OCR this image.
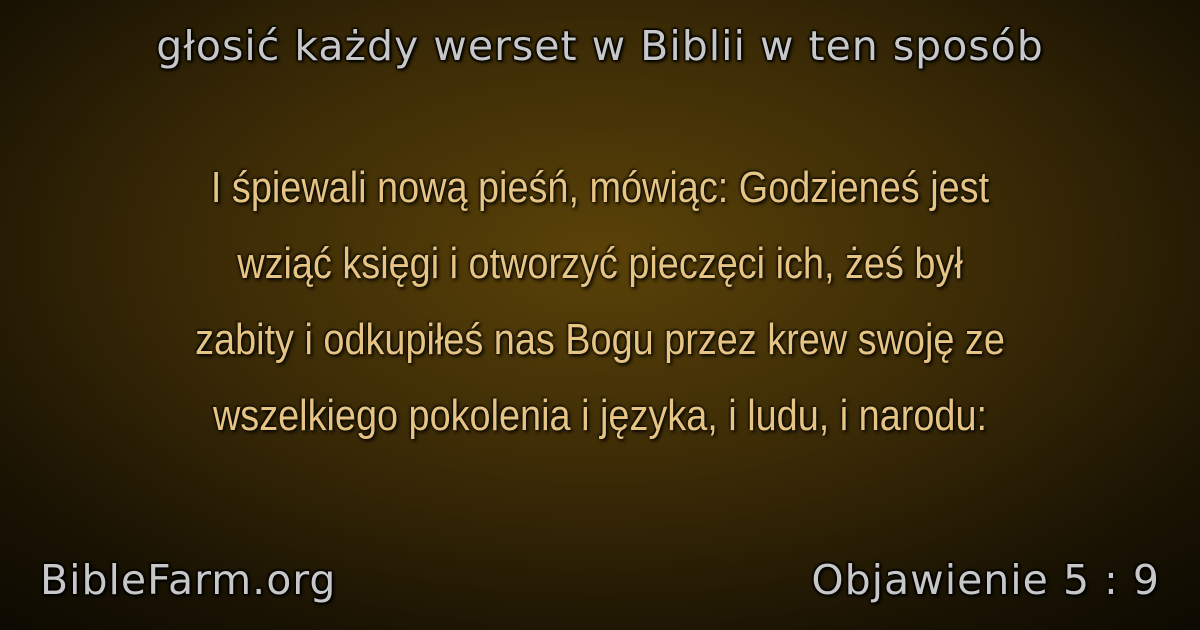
głosić każdy werset w Biblii w ten sposób
I śpiewali nową pieśń, mówiąc: Godzieneś jest
wziąć księgi i otworzyć pieczęci ich, żeś był
zabity i odkupiłeś nas Bogu przez krew swoję ze
wszelkiego pokolenia i języka, i ludu, i narodu:
BibleFarm.org	Objawienie 5 : 9
